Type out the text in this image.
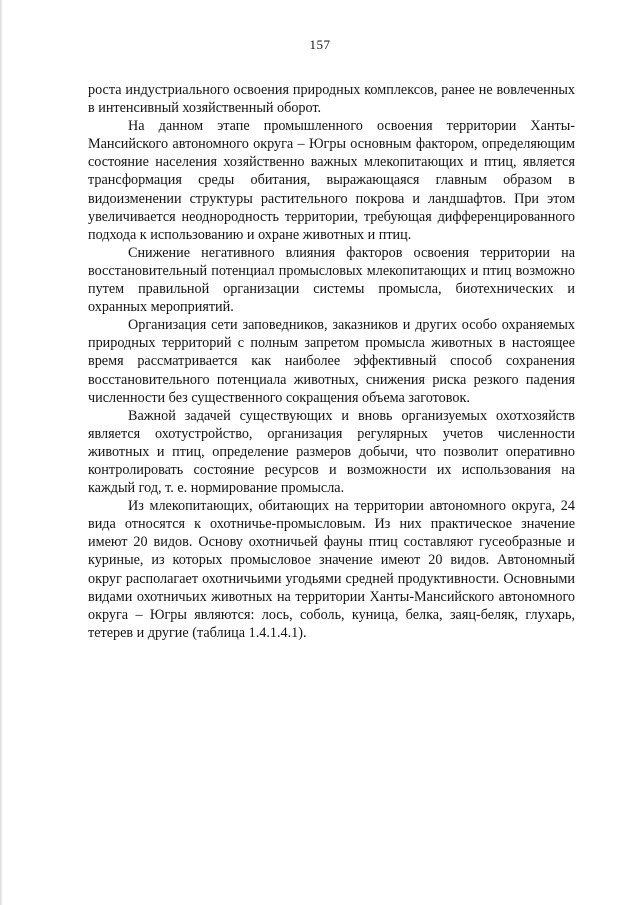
157

роста индустриального освоения природных комплексов, ранее не вовлеченных в интенсивный хозяйственный оборот.

На данном этапе промышленного освоения территории Ханты-Мансийского автономного округа – Югры основным фактором, определяющим состояние населения хозяйственно важных млекопитающих и птиц, является трансформация среды обитания, выражающаяся главным образом в видоизменении структуры растительного покрова и ландшафтов. При этом увеличивается неоднородность территории, требующая дифференцированного подхода к использованию и охране животных и птиц.

Снижение негативного влияния факторов освоения территории на восстановительный потенциал промысловых млекопитающих и птиц возможно путем правильной организации системы промысла, биотехнических и охранных мероприятий.

Организация сети заповедников, заказников и других особо охраняемых природных территорий с полным запретом промысла животных в настоящее время рассматривается как наиболее эффективный способ сохранения восстановительного потенциала животных, снижения риска резкого падения численности без существенного сокращения объема заготовок.

Важной задачей существующих и вновь организуемых охотхозяйств является охотустройство, организация регулярных учетов численности животных и птиц, определение размеров добычи, что позволит оперативно контролировать состояние ресурсов и возможности их использования на каждый год, т. е. нормирование промысла.

Из млекопитающих, обитающих на территории автономного округа, 24 вида относятся к охотничье-промысловым. Из них практическое значение имеют 20 видов. Основу охотничьей фауны птиц составляют гусеобразные и куриные, из которых промысловое значение имеют 20 видов. Автономный округ располагает охотничьими угодьями средней продуктивности. Основными видами охотничьих животных на территории Ханты-Мансийского автономного округа – Югры являются: лось, соболь, куница, белка, заяц-беляк, глухарь, тетерев и другие (таблица 1.4.1.4.1).
